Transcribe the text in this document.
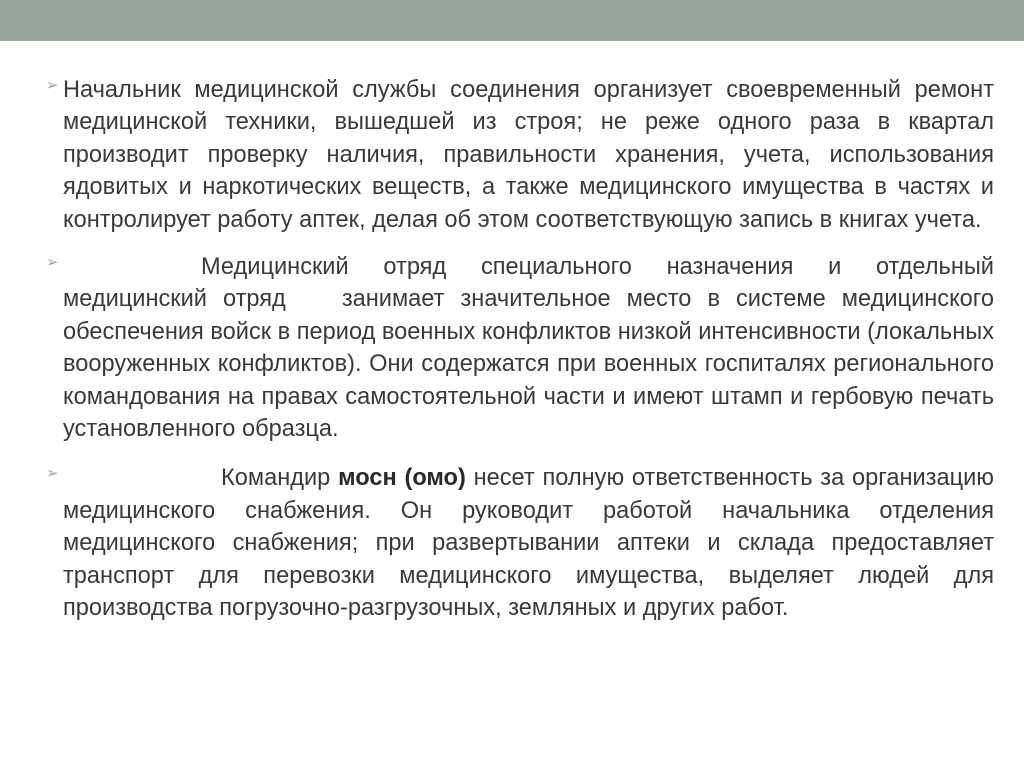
➢ Начальник медицинской службы соединения организует своевременный ремонт медицинской техники, вышедшей из строя; не реже одного раза в квартал производит проверку наличия, правильности хранения, учета, использования ядовитых и наркотических веществ, а также медицинского имущества в частях и контролирует работу аптек, делая об этом соответствующую запись в книгах учета.

➢	Медицинский отряд специального назначения и отдельный медицинский отряд занимает значительное место в системе медицинского обеспечения войск в период военных конфликтов низкой интенсивности (локальных вооруженных конфликтов). Они содержатся при военных госпиталях регионального командования на правах самостоятельной части и имеют штамп и гербовую печать установленного образца.

➢	Командир мосн (омо) несет полную ответственность за организацию медицинского снабжения. Он руководит работой начальника отделения медицинского снабжения; при развертывании аптеки и склада предоставляет транспорт для перевозки медицинского имущества, выделяет людей для производства погрузочно-разгрузочных, земляных и других работ.
